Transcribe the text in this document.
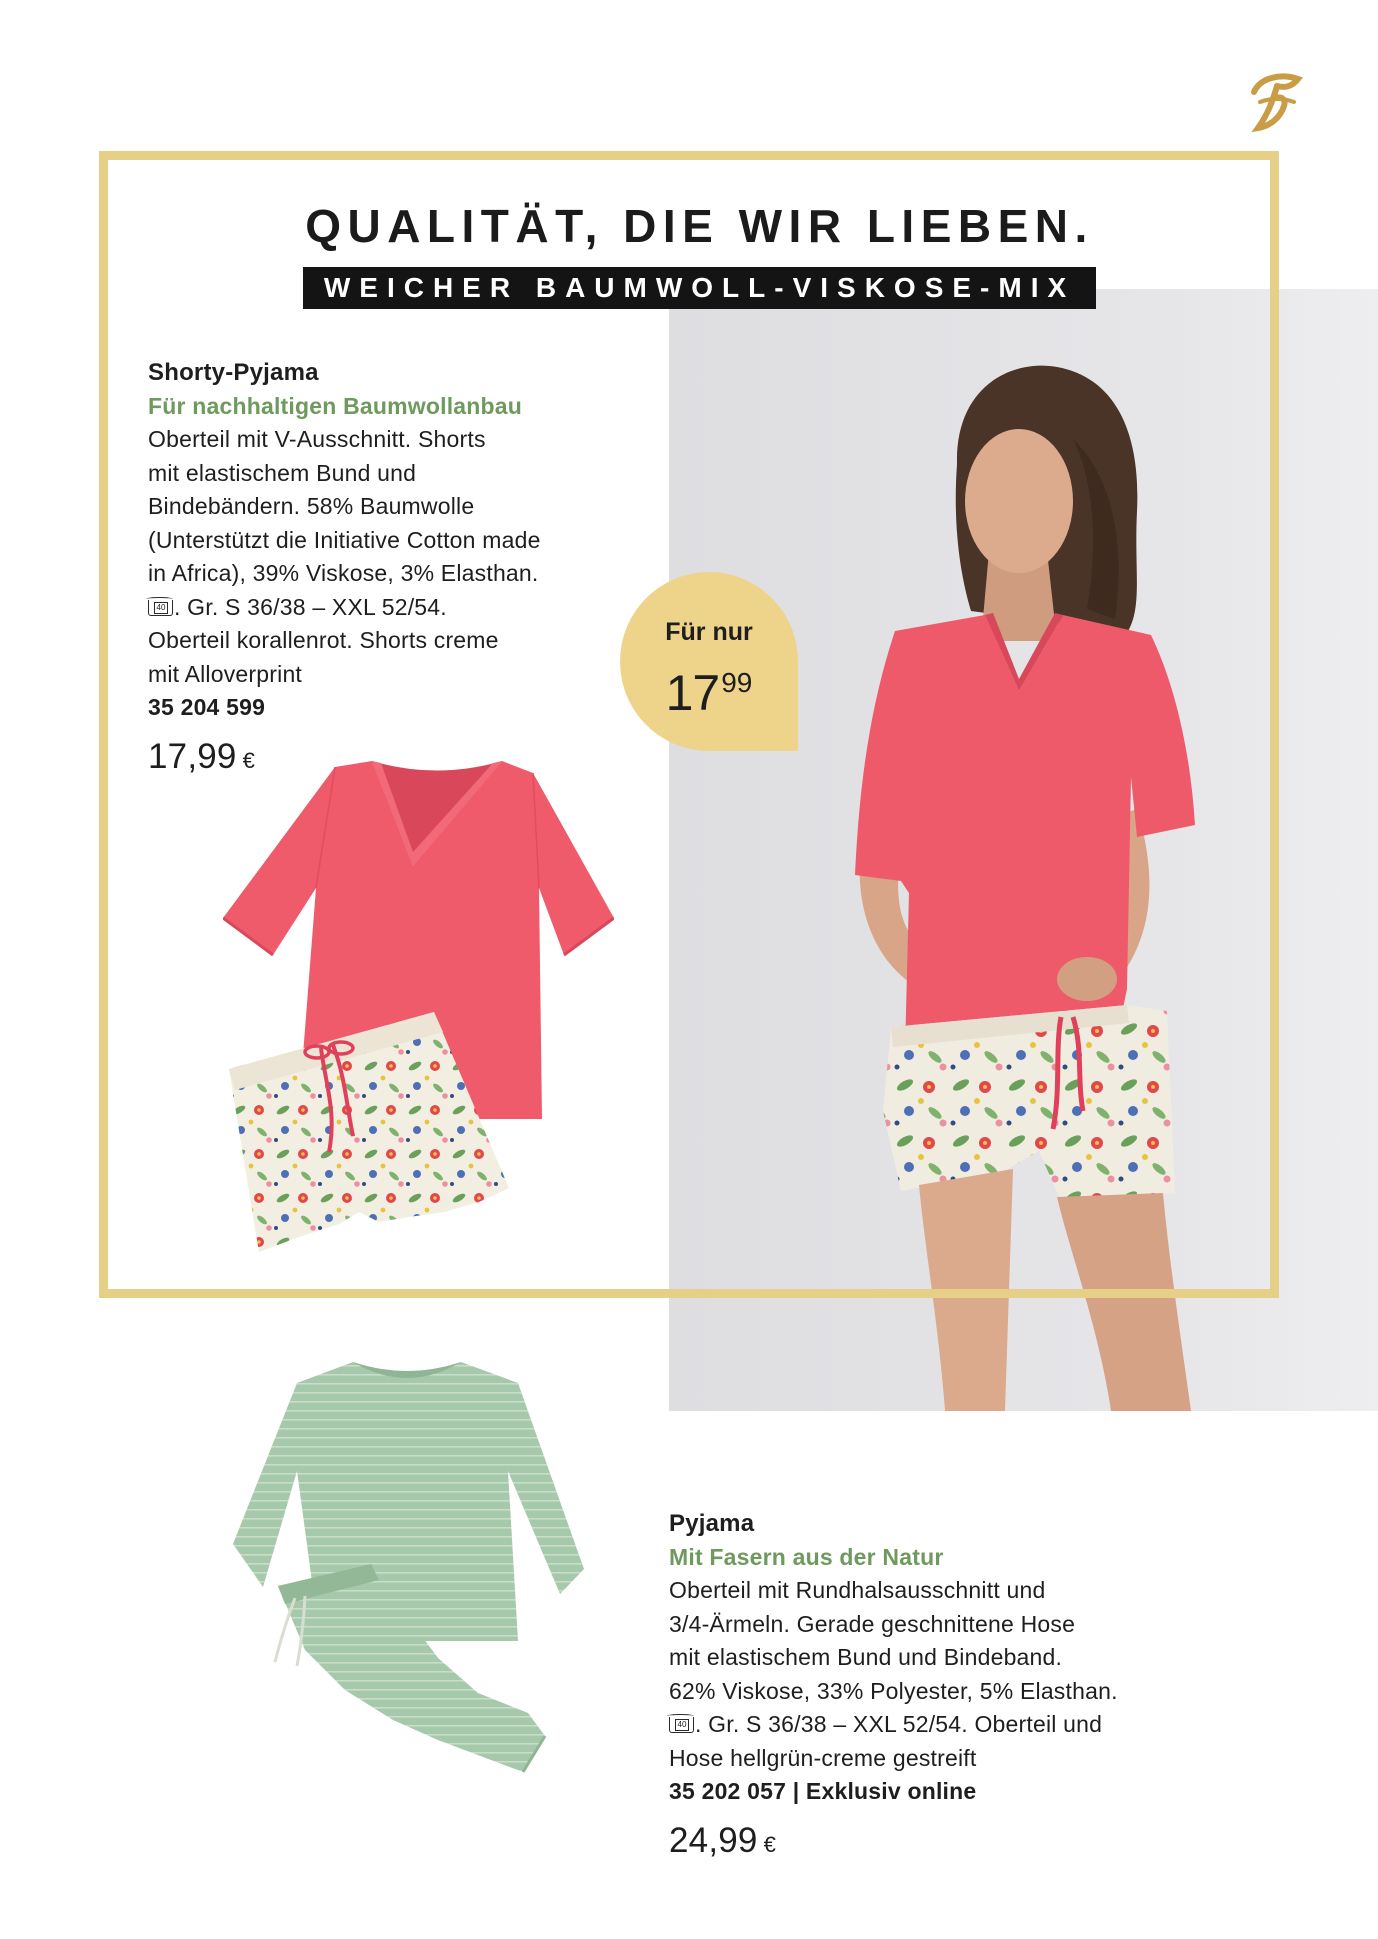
QUALITÄT, DIE WIR LIEBEN.
WEICHER BAUMWOLL-VISKOSE-MIX
Für nur
1799
Shorty-Pyjama
Für nachhaltigen Baumwollanbau
Oberteil mit V-Ausschnitt. Shorts
mit elastischem Bund und
Bindebändern. 58% Baumwolle
(Unterstützt die Initiative Cotton made
in Africa), 39% Viskose, 3% Elasthan.
40 . Gr. S 36/38 – XXL 52/54.
Oberteil korallenrot. Shorts creme
mit Alloverprint
35 204 599
17,99 €
Pyjama
Mit Fasern aus der Natur
Oberteil mit Rundhalsausschnitt und
3/4-Ärmeln. Gerade geschnittene Hose
mit elastischem Bund und Bindeband.
62% Viskose, 33% Polyester, 5% Elasthan.
40 . Gr. S 36/38 – XXL 52/54. Oberteil und
Hose hellgrün-creme gestreift
35 202 057 | Exklusiv online
24,99 €
